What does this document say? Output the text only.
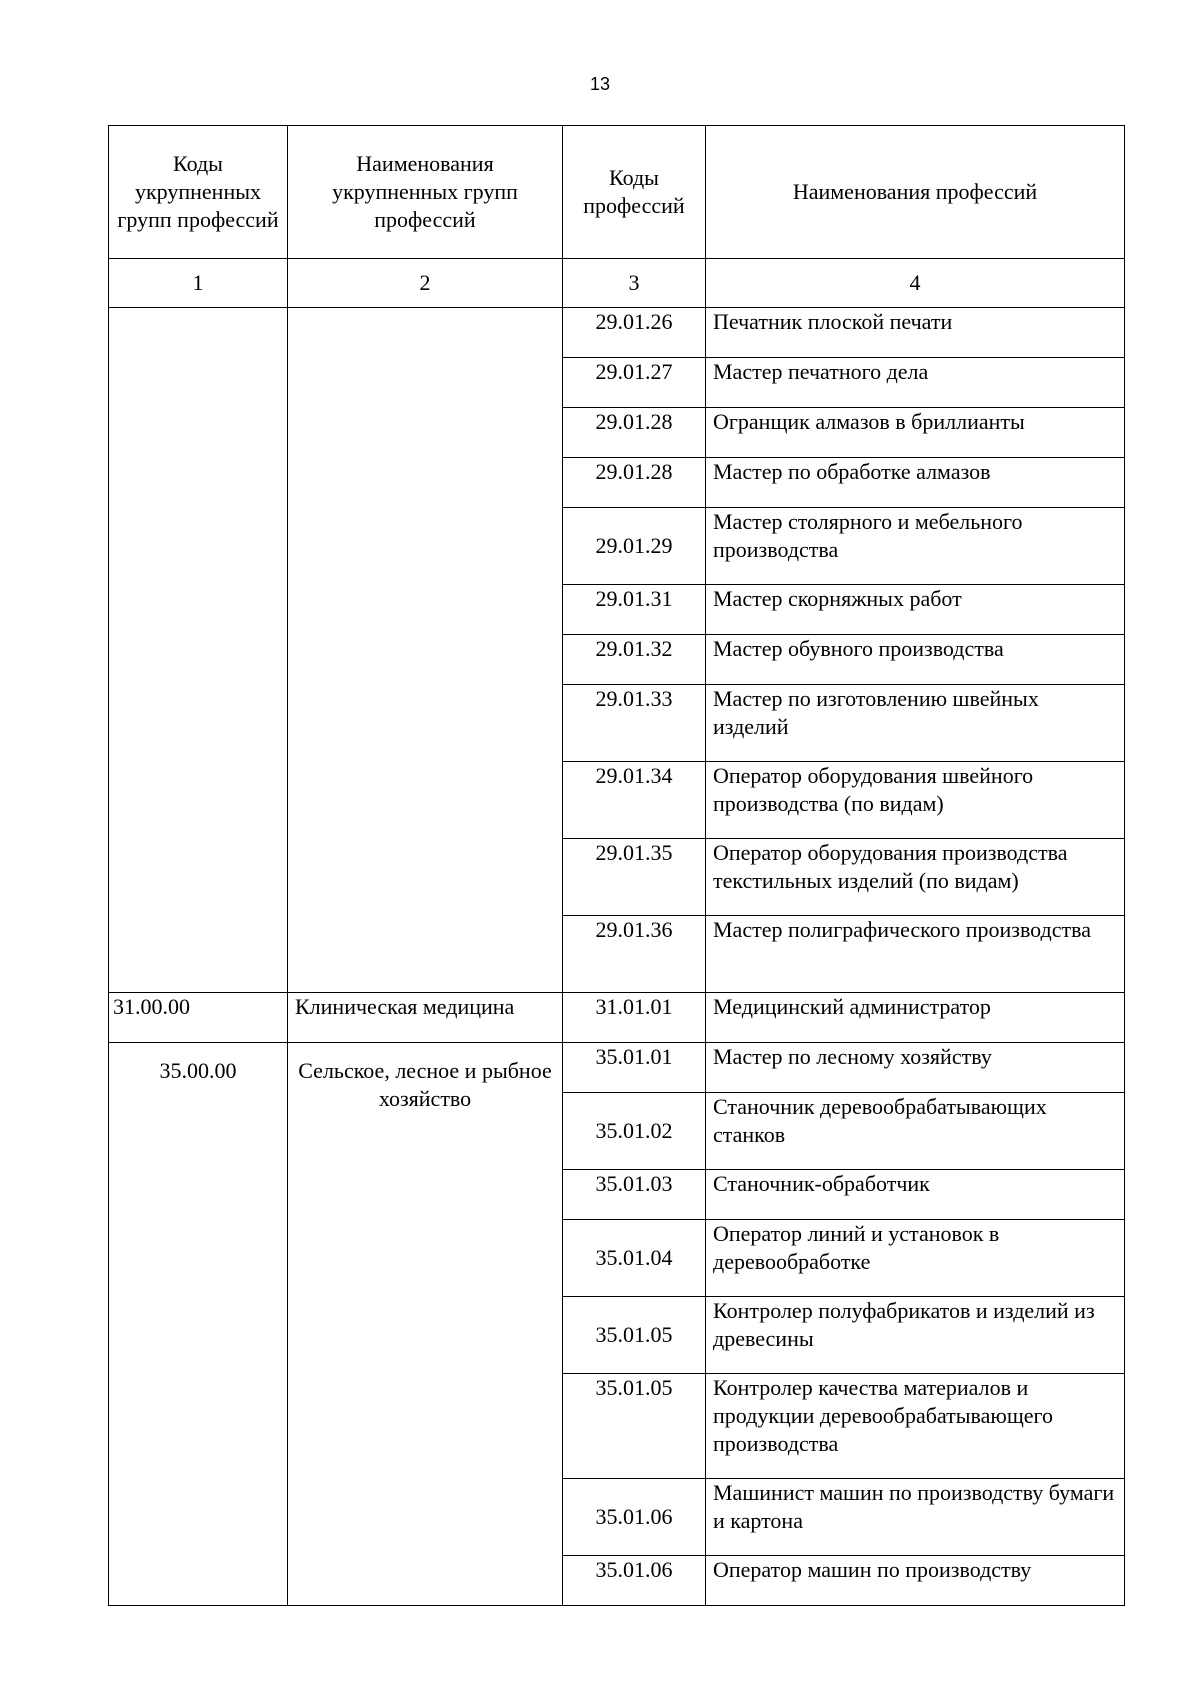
13
Коды укрупненных групп профессий	Наименования укрупненных групп профессий	Коды профессий	Наименования профессий
1	2	3	4
		29.01.26	Печатник плоской печати
		29.01.27	Мастер печатного дела
		29.01.28	Огранщик алмазов в бриллианты
		29.01.28	Мастер по обработке алмазов
		29.01.29	Мастер столярного и мебельного производства
		29.01.31	Мастер скорняжных работ
		29.01.32	Мастер обувного производства
		29.01.33	Мастер по изготовлению швейных изделий
		29.01.34	Оператор оборудования швейного производства (по видам)
		29.01.35	Оператор оборудования производства текстильных изделий (по видам)
		29.01.36	Мастер полиграфического производства
31.00.00	Клиническая медицина	31.01.01	Медицинский администратор
35.00.00	Сельское, лесное и рыбное хозяйство	35.01.01	Мастер по лесному хозяйству
		35.01.02	Станочник деревообрабатывающих станков
		35.01.03	Станочник-обработчик
		35.01.04	Оператор линий и установок в деревообработке
		35.01.05	Контролер полуфабрикатов и изделий из древесины
		35.01.05	Контролер качества материалов и продукции деревообрабатывающего производства
		35.01.06	Машинист машин по производству бумаги и картона
		35.01.06	Оператор машин по производству
